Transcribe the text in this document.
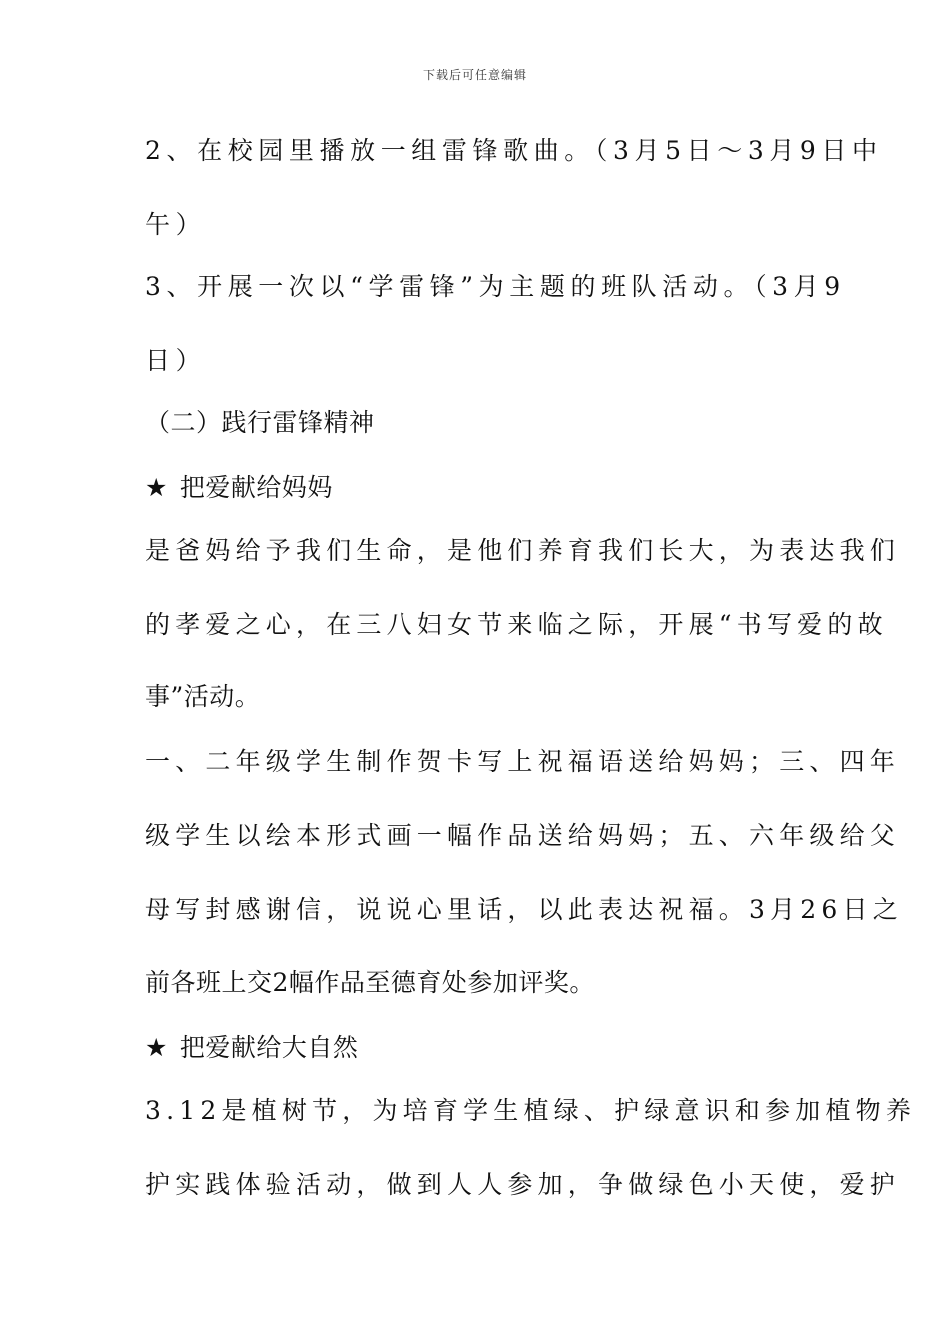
下载后可任意编辑
2、在校园里播放一组雷锋歌曲。（3月5日～3月9日中
午）
3、开展一次以“学雷锋”为主题的班队活动。（3月9
日）
（二）践行雷锋精神
★ 把爱献给妈妈
是爸妈给予我们生命，是他们养育我们长大，为表达我们
的孝爱之心，在三八妇女节来临之际，开展“书写爱的故
事”活动。
一、二年级学生制作贺卡写上祝福语送给妈妈；三、四年
级学生以绘本形式画一幅作品送给妈妈；五、六年级给父
母写封感谢信，说说心里话，以此表达祝福。3月26日之
前各班上交2幅作品至德育处参加评奖。
★ 把爱献给大自然
3.12是植树节，为培育学生植绿、护绿意识和参加植物养
护实践体验活动，做到人人参加，争做绿色小天使，爱护
